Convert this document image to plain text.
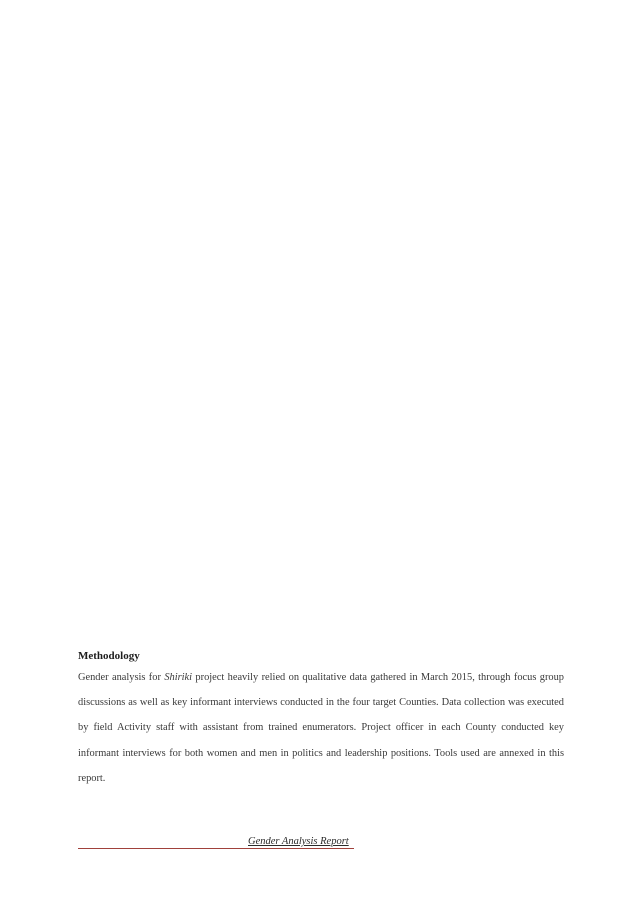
Methodology

Gender analysis for Shiriki project heavily relied on qualitative data gathered in March 2015, through focus group discussions as well as key informant interviews conducted in the four target Counties. Data collection was executed by field Activity staff with assistant from trained enumerators. Project officer in each County conducted key informant interviews for both women and men in politics and leadership positions. Tools used are annexed in this report.

Gender Analysis Report
